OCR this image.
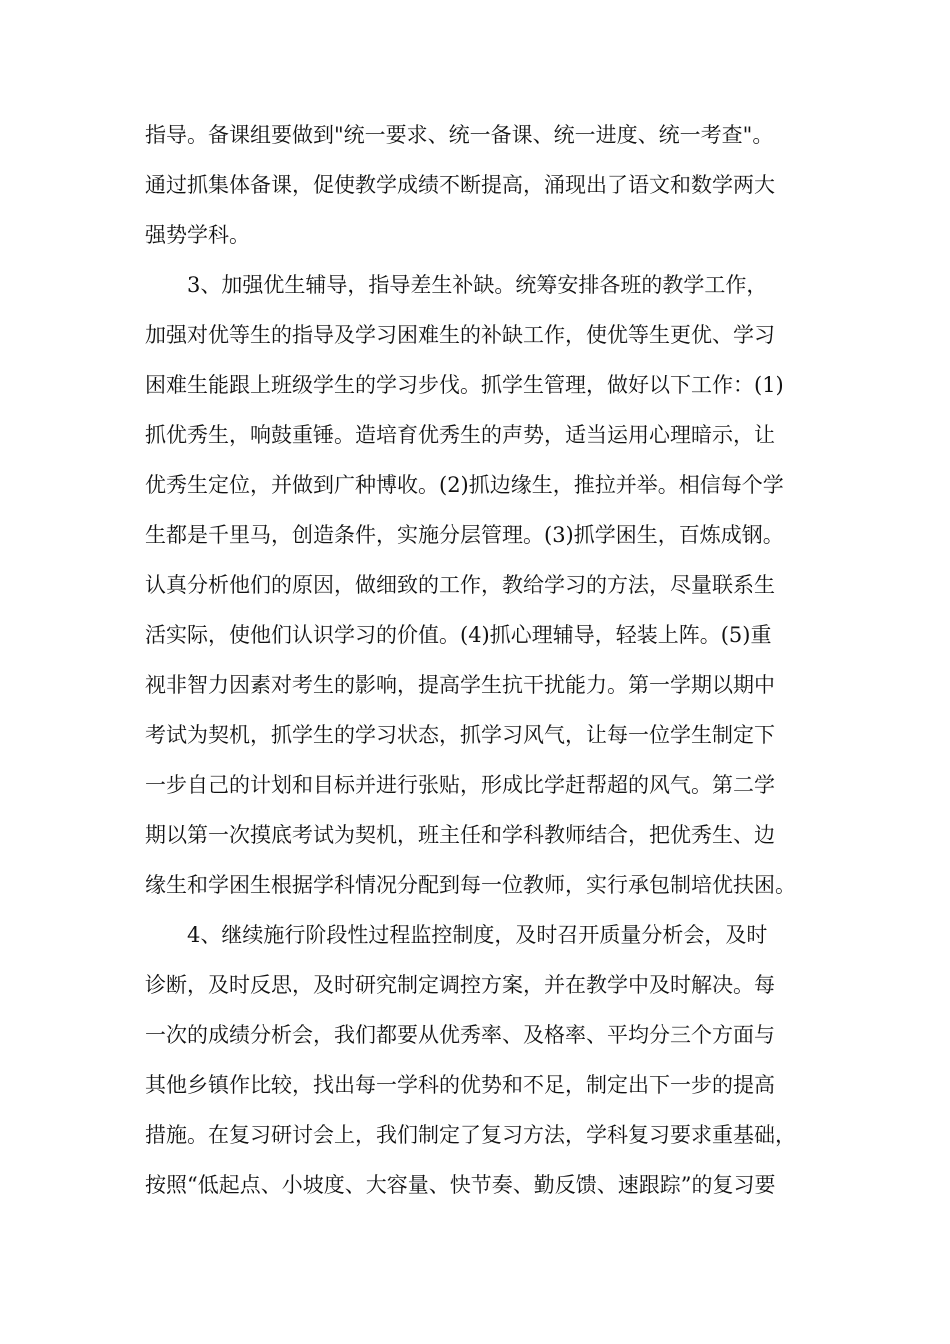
指导。备课组要做到"统一要求、统一备课、统一进度、统一考查"。
通过抓集体备课，促使教学成绩不断提高，涌现出了语文和数学两大
强势学科。
3、加强优生辅导，指导差生补缺。统筹安排各班的教学工作，
加强对优等生的指导及学习困难生的补缺工作，使优等生更优、学习
困难生能跟上班级学生的学习步伐。抓学生管理，做好以下工作：(1)
抓优秀生，响鼓重锤。造培育优秀生的声势，适当运用心理暗示，让
优秀生定位，并做到广种博收。(2)抓边缘生，推拉并举。相信每个学
生都是千里马，创造条件，实施分层管理。(3)抓学困生，百炼成钢。
认真分析他们的原因，做细致的工作，教给学习的方法，尽量联系生
活实际，使他们认识学习的价值。(4)抓心理辅导，轻装上阵。(5)重
视非智力因素对考生的影响，提高学生抗干扰能力。第一学期以期中
考试为契机，抓学生的学习状态，抓学习风气，让每一位学生制定下
一步自己的计划和目标并进行张贴，形成比学赶帮超的风气。第二学
期以第一次摸底考试为契机，班主任和学科教师结合，把优秀生、边
缘生和学困生根据学科情况分配到每一位教师，实行承包制培优扶困。
4、继续施行阶段性过程监控制度，及时召开质量分析会，及时
诊断，及时反思，及时研究制定调控方案，并在教学中及时解决。每
一次的成绩分析会，我们都要从优秀率、及格率、平均分三个方面与
其他乡镇作比较，找出每一学科的优势和不足，制定出下一步的提高
措施。在复习研讨会上，我们制定了复习方法，学科复习要求重基础，
按照“低起点、小坡度、大容量、快节奏、勤反馈、速跟踪”的复习要
